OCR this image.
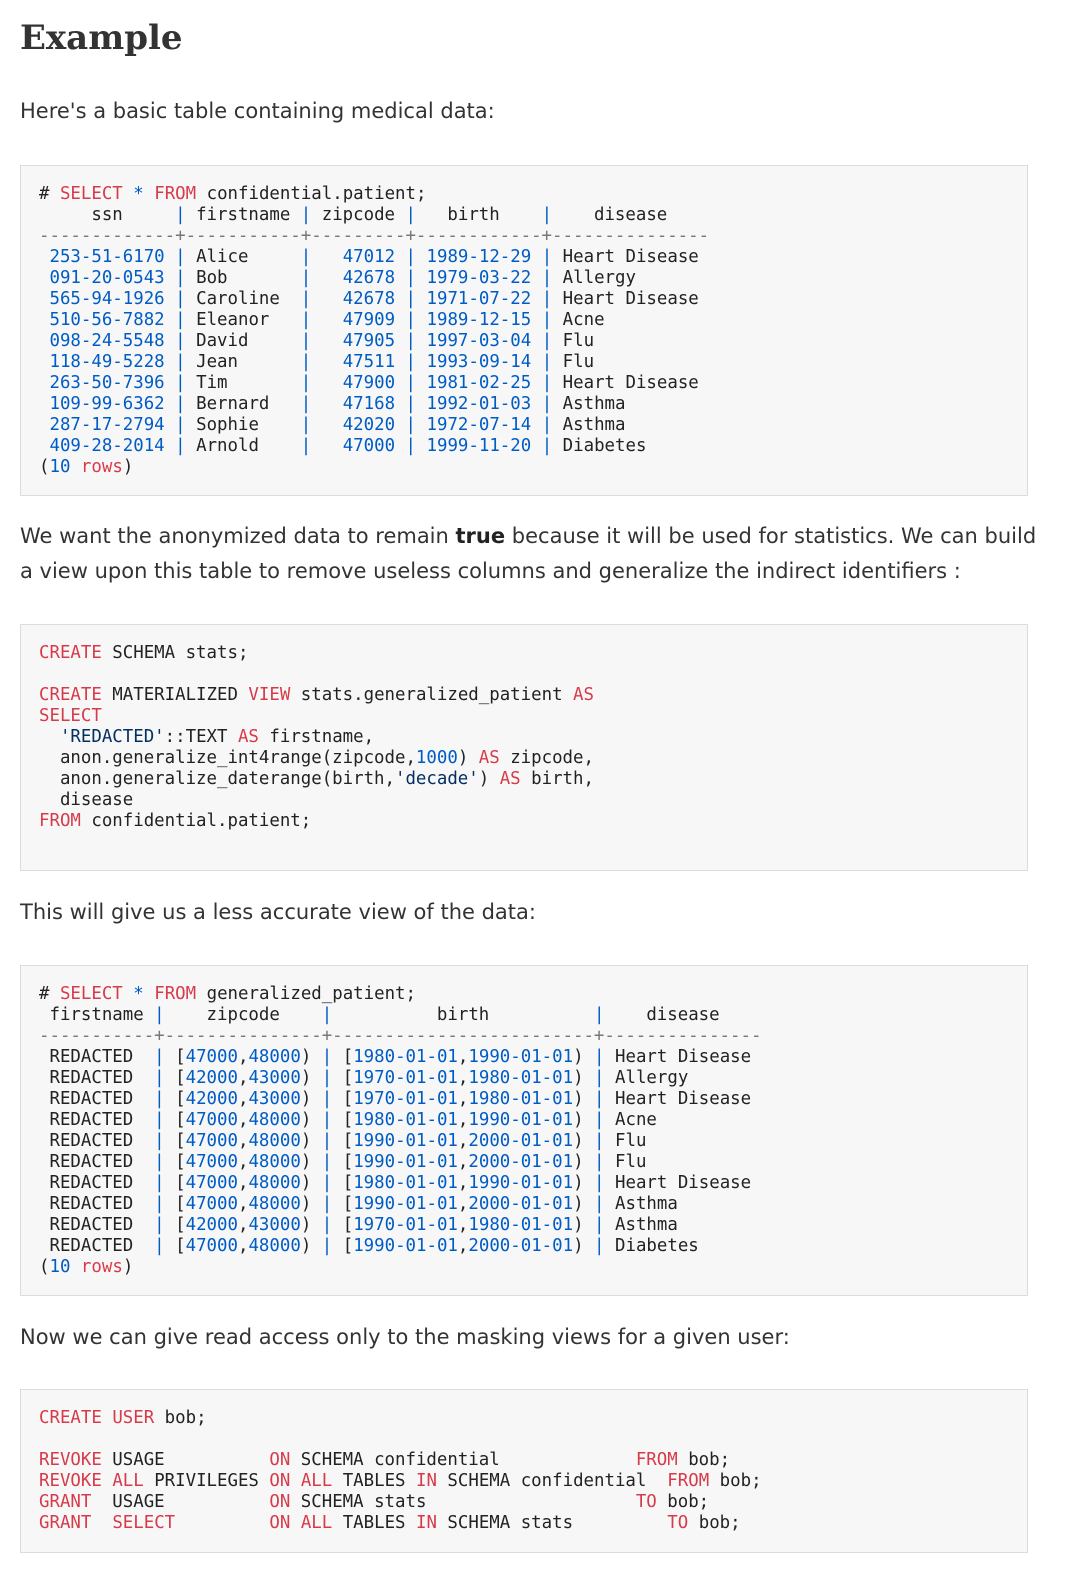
Example

Here's a basic table containing medical data:

# SELECT * FROM confidential.patient;
ssn     | firstname | zipcode |   birth    |    disease
-------------+-----------+---------+------------+---------------
253-51-6170 | Alice     | 47012 | 1989-12-29 | Heart Disease
091-20-0543 | Bob       | 42678 | 1979-03-22 | Allergy
565-94-1926 | Caroline  | 42678 | 1971-07-22 | Heart Disease
510-56-7882 | Eleanor   | 47909 | 1989-12-15 | Acne
098-24-5548 | David     | 47905 | 1997-03-04 | Flu
118-49-5228 | Jean      | 47511 | 1993-09-14 | Flu
263-50-7396 | Tim       | 47900 | 1981-02-25 | Heart Disease
109-99-6362 | Bernard   | 47168 | 1992-01-03 | Asthma
287-17-2794 | Sophie    | 42020 | 1972-07-14 | Asthma
409-28-2014 | Arnold    | 47000 | 1999-11-20 | Diabetes
(10 rows)

We want the anonymized data to remain true because it will be used for statistics. We can build a view upon this table to remove useless columns and generalize the indirect identifiers :

CREATE SCHEMA stats;
CREATE MATERIALIZED VIEW stats.generalized_patient AS
SELECT
'REDACTED'::TEXT AS firstname,
anon.generalize_int4range(zipcode,1000) AS zipcode,
anon.generalize_daterange(birth,'decade') AS birth,
disease
FROM confidential.patient;

This will give us a less accurate view of the data:

# SELECT * FROM generalized_patient;
firstname |    zipcode    |          birth          |    disease
-----------+---------------+-------------------------+---------------
REDACTED  | [47000,48000) | [1980-01-01,1990-01-01) | Heart Disease
REDACTED  | [42000,43000) | [1970-01-01,1980-01-01) | Allergy
REDACTED  | [42000,43000) | [1970-01-01,1980-01-01) | Heart Disease
REDACTED  | [47000,48000) | [1980-01-01,1990-01-01) | Acne
REDACTED  | [47000,48000) | [1990-01-01,2000-01-01) | Flu
REDACTED  | [47000,48000) | [1990-01-01,2000-01-01) | Flu
REDACTED  | [47000,48000) | [1980-01-01,1990-01-01) | Heart Disease
REDACTED  | [47000,48000) | [1990-01-01,2000-01-01) | Asthma
REDACTED  | [42000,43000) | [1970-01-01,1980-01-01) | Asthma
REDACTED  | [47000,48000) | [1990-01-01,2000-01-01) | Diabetes
(10 rows)

Now we can give read access only to the masking views for a given user:

CREATE USER bob;
REVOKE USAGE          ON SCHEMA confidential             FROM bob;
REVOKE ALL PRIVILEGES ON ALL TABLES IN SCHEMA confidential  FROM bob;
GRANT  USAGE          ON SCHEMA stats                    TO bob;
GRANT SELECT	ON ALL TABLES IN SCHEMA stats         TO bob;
